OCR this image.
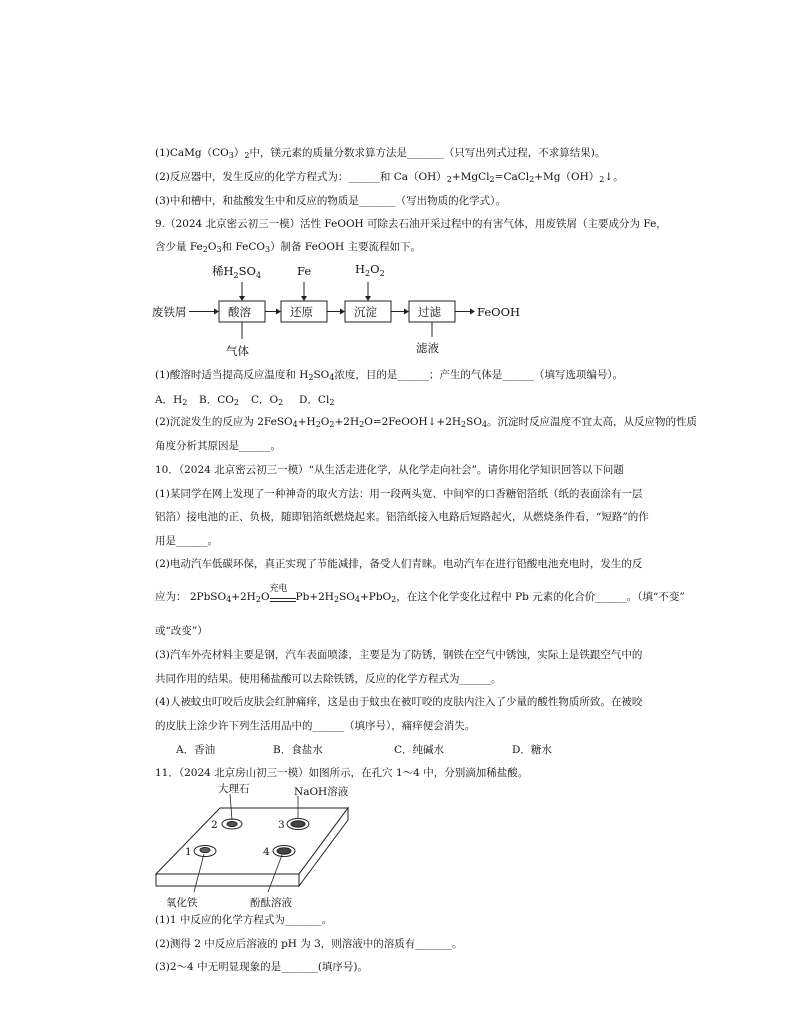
$(1)CaMg(CO_3)_2$中，镁元素的质量分数求算方法是_______（只写出列式过程，不求算结果)。
(2)反应器中，发生反应的化学方程式为：______和 $Ca(OH)_2+MgCl_2=CaCl_2+Mg(OH)_2↓$。
(3)中和槽中，和盐酸发生中和反应的物质是_______（写出物质的化学式）。
9.（2024 北京密云初三一模）活性 FeOOH 可除去石油开采过程中的有害气体，用废铁屑（主要成分为 Fe，
含少量 $Fe_2O_3$和 FeCO$_3$）制备 FeOOH 主要流程如下。
废铁屑	酸溶	还原	沉淀	过滤	FeOOH
稀$H_2SO_4$	Fe	$H_2O_2$
气体	滤液
(1)酸溶时适当提高反应温度和 $H_2SO_4$浓度，目的是______；产生的气体是______（填写选项编号）。
A．$H_2$ B．$CO_2$ C．$O_2$ D．$Cl_2$
(2)沉淀发生的反应为 $2FeSO_4+H_2O_2+2H_2O=2FeOOH↓+2H_2SO_4$。沉淀时反应温度不宜太高，从反应物的性质
角度分析其原因是______。
10．（2024 北京密云初三一模）“从生活走进化学，从化学走向社会”。请你用化学知识回答以下问题
(1)某同学在网上发现了一种神奇的取火方法：用一段两头宽、中间窄的口香糖铝箔纸（纸的表面涂有一层
铝箔）接电池的正、负极，随即铝箔纸燃烧起来。铝箔纸接入电路后短路起火，从燃烧条件看，“短路”的作
用是______。
(2)电动汽车低碳环保，真正实现了节能减排，备受人们青睐。电动汽车在进行铅酸电池充电时，发生的反
应为： $2PbSO_4+2H_2O$
充电
$Pb+2H_2SO_4+PbO_2$，在这个化学变化过程中 Pb 元素的化合价______。（填“不变”
或“改变”）
(3)汽车外壳材料主要是钢，汽车表面喷漆，主要是为了防锈，钢铁在空气中锈蚀，实际上是铁跟空气中的
共同作用的结果。使用稀盐酸可以去除铁锈，反应的化学方程式为______。
(4)人被蚊虫叮咬后皮肤会红肿痛痒，这是由于蚊虫在被叮咬的皮肤内注入了少量的酸性物质所致。在被咬
的皮肤上涂少许下列生活用品中的______（填序号），痛痒便会消失。
A．香油	B．食盐水	C．纯碱水	D．糖水
11．（2024 北京房山初三一模）如图所示，在孔穴 1～4 中，分别滴加稀盐酸。
大理石	NaOH溶液
氧化铁	酚酞溶液
2	3
1	4
(1)1 中反应的化学方程式为_______。
(2)测得 2 中反应后溶液的 pH 为 3，则溶液中的溶质有_______。
(3)2～4 中无明显现象的是_______(填序号)。
